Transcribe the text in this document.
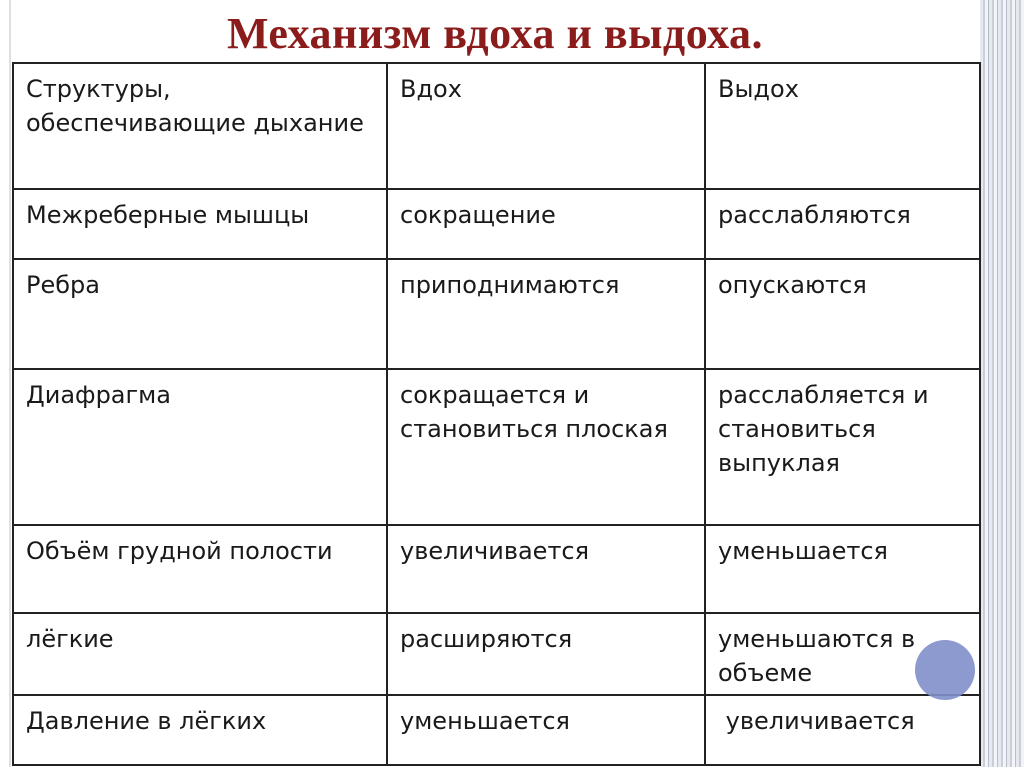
Механизм вдоха и выдоха.
Структуры, обеспечивающие дыхание	Вдох	Выдох
Межреберные мышцы	сокращение	расслабляются
Ребра	приподнимаются	опускаются
Диафрагма	сокращается и становиться плоская	расслабляется и становиться выпуклая
Объём грудной полости	увеличивается	уменьшается
лёгкие	расширяются	уменьшаются в объеме
Давление в лёгких	уменьшается	увеличивается
